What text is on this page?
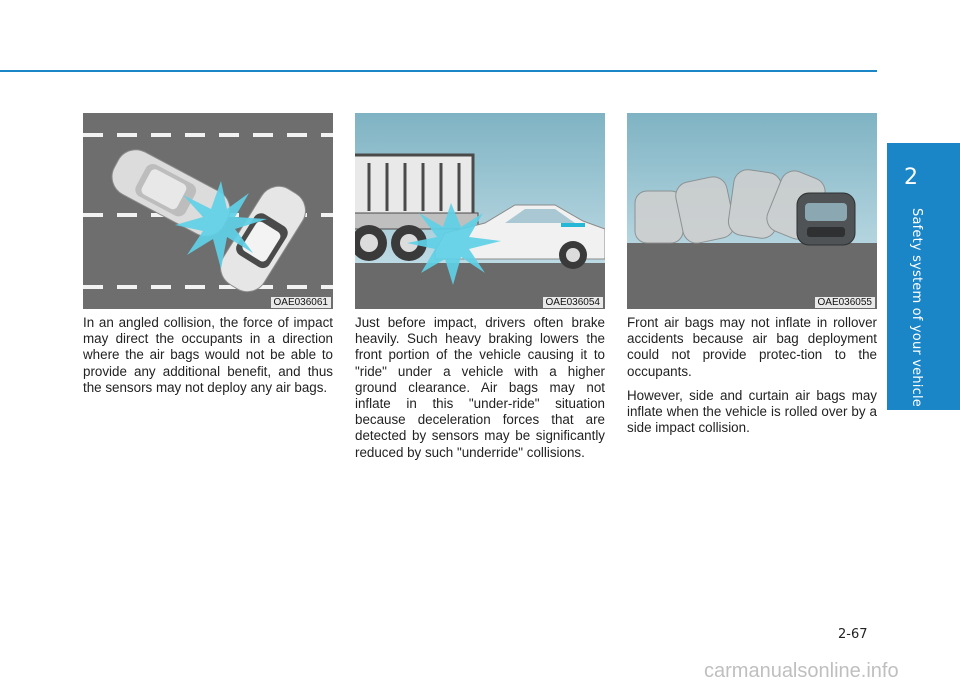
2
Safety system of your vehicle
OAE036061

In an angled collision, the force of impact may direct the occupants in a direction where the air bags would not be able to provide any additional benefit, and thus the sensors may not deploy any air bags.

OAE036054

Just before impact, drivers often brake heavily. Such heavy braking lowers the front portion of the vehicle causing it to "ride" under a vehicle with a higher ground clearance. Air bags may not inflate in this "under-ride" situation because deceleration forces that are detected by sensors may be significantly reduced by such "underride" collisions.

OAE036055

Front air bags may not inflate in rollover accidents because air bag deployment could not provide protec-tion to the occupants.

However, side and curtain air bags may inflate when the vehicle is rolled over by a side impact collision.

2-67
carmanualsonline.info
